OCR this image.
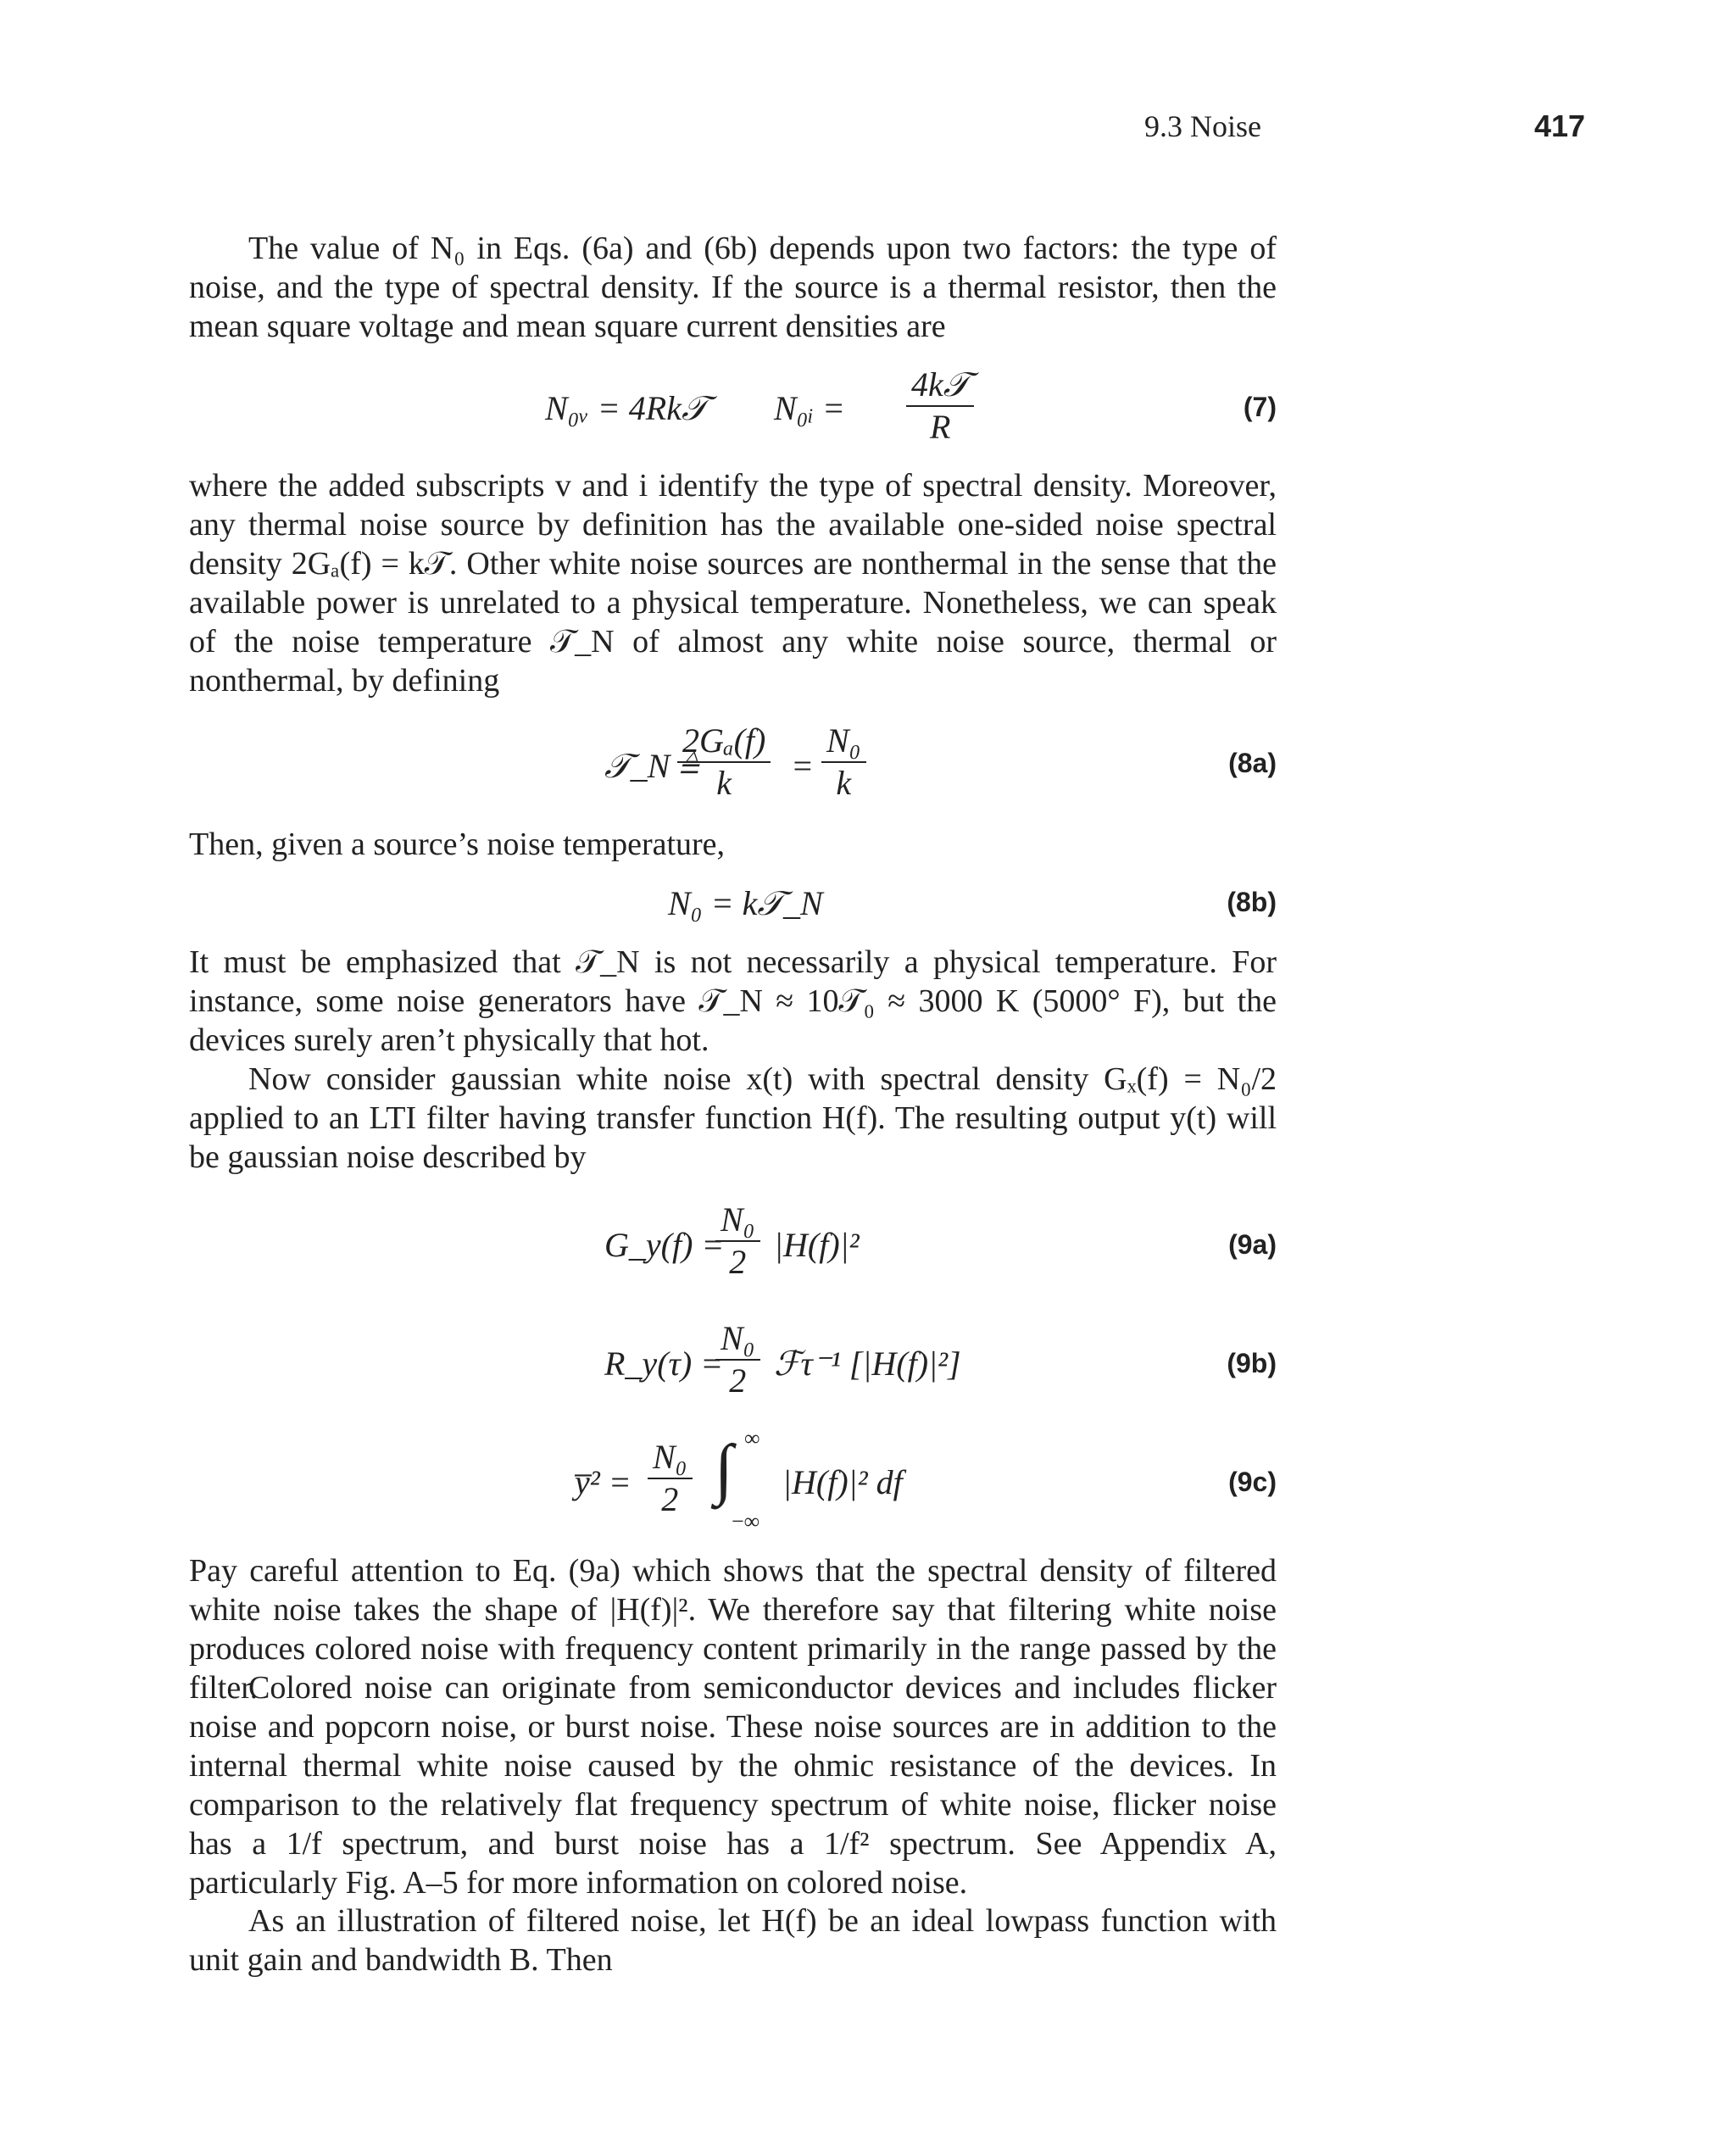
9.3 Noise	417
The value of N₀ in Eqs. (6a) and (6b) depends upon two factors: the type of noise, and the type of spectral density. If the source is a thermal resistor, then the mean square voltage and mean square current densities are
N₀ᵥ = 4Rk𝒯 N₀ᵢ = $\frac{\text{4k𝒯}}{R}$	(7)
where the added subscripts v and i identify the type of spectral density. Moreover, any thermal noise source by definition has the available one-sided noise spectral density 2Gₐ(f) = k𝒯. Other white noise sources are nonthermal in the sense that the available power is unrelated to a physical temperature. Nonetheless, we can speak of the noise temperature 𝒯_N of almost any white noise source, thermal or nonthermal, by defining
𝒯_N ≜
$\frac{\text{2Gₐ(f)}}{k} = \frac{\text{N₀}}{k}$	(8a)
Then, given a source’s noise temperature,
N₀ = k𝒯_N	(8b)
It must be emphasized that 𝒯_N is not necessarily a physical temperature. For instance, some noise generators have 𝒯_N ≈ 10𝒯₀ ≈ 3000 K (5000° F), but the devices surely aren’t physically that hot.
Now consider gaussian white noise x(t) with spectral density Gₓ(f) = N₀/2 applied to an LTI filter having transfer function H(f). The resulting output y(t) will be gaussian noise described by
G_y(f) =
$\frac{\text{N₀}}{2} |H(f)|^2$	(9a)
R_y(τ) =
$\frac{\text{N₀}}{2}$ ℱτ⁻¹ [|H(f)|²]	(9b)
y̅² = $\frac{\text{N₀}}{2}$ ∫ ∞
−∞
|H(f)|² df	(9c)
Pay careful attention to Eq. (9a) which shows that the spectral density of filtered white noise takes the shape of |H(f)|². We therefore say that filtering white noise produces colored noise with frequency content primarily in the range passed by the filter.
Colored noise can originate from semiconductor devices and includes flicker noise and popcorn noise, or burst noise. These noise sources are in addition to the internal thermal white noise caused by the ohmic resistance of the devices. In comparison to the relatively flat frequency spectrum of white noise, flicker noise has a 1/f spectrum, and burst noise has a 1/f² spectrum. See Appendix A, particularly Fig. A–5 for more information on colored noise.
As an illustration of filtered noise, let H(f) be an ideal lowpass function with unit gain and bandwidth B. Then
